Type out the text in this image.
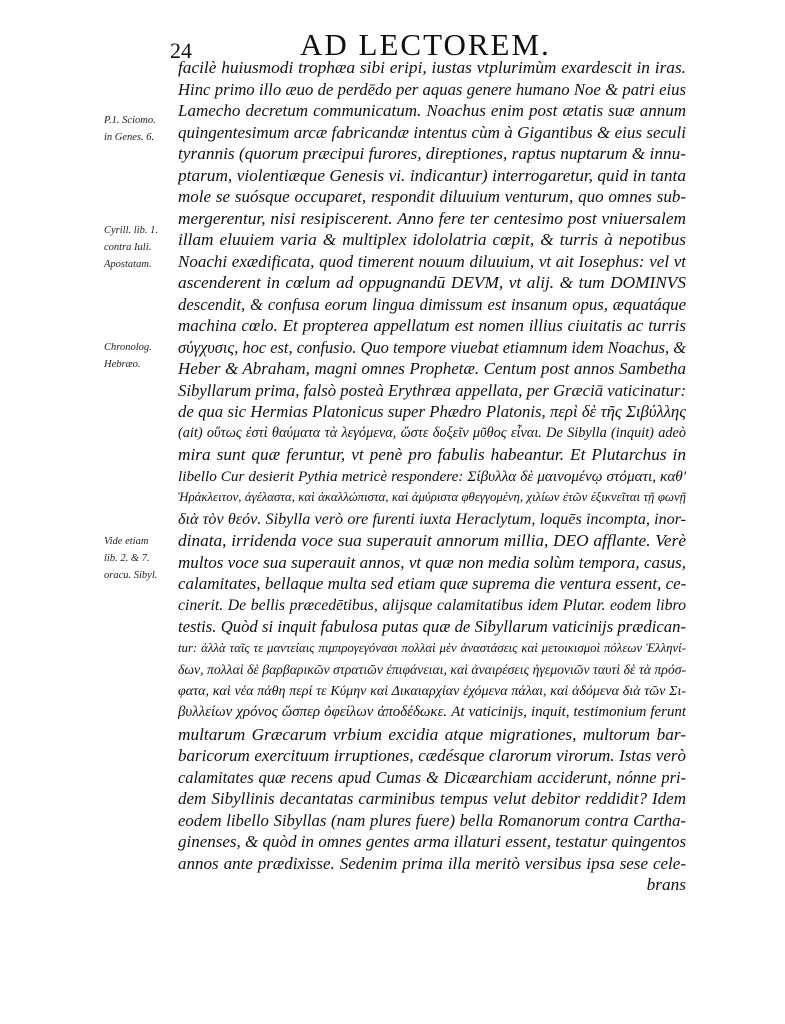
24	AD LECTOREM.
P.1. Sciomo.
in Genes. 6.
Cyrill. lib. 1.
contra Iuli.
Apostatam.
Chronolog.
Hebræo.
Vide etiam
lib. 2. & 7.
oracu. Sibyl.
facilè huiusmodi trophæa sibi eripi, iustas vtplurimùm exardescit in iras.
Hinc primo illo æuo de perdēdo per aquas genere humano Noe & patri eius
Lamecho decretum communicatum. Noachus enim post ætatis suæ annum
quingentesimum arcæ fabricandæ intentus cùm à Gigantibus & eius seculi
tyrannis (quorum præcipui furores, direptiones, raptus nuptarum & innu-
ptarum, violentiæque Genesis vi. indicantur) interrogaretur, quid in tanta
mole se suósque occuparet, respondit diluuium venturum, quo omnes sub-
mergerentur, nisi resipiscerent. Anno fere ter centesimo post vniuersalem
illam eluuiem varia & multiplex idololatria cœpit, & turris à nepotibus
Noachi exædificata, quod timerent nouum diluuium, vt ait Iosephus: vel vt
ascenderent in cœlum ad oppugnandū DEVM, vt alij. & tum DOMINVS
descendit, & confusa eorum lingua dimissum est insanum opus, æquatáque
machina cœlo. Et propterea appellatum est nomen illius ciuitatis ac turris
σύγχυσις, hoc est, confusio. Quo tempore viuebat etiamnum idem Noachus, &
Heber & Abraham, magni omnes Prophetæ. Centum post annos Sambetha
Sibyllarum prima, falsò posteà Erythræa appellata, per Græciā vaticinatur:
de qua sic Hermias Platonicus super Phædro Platonis, περὶ δὲ τῆς Σιβύλλης
(ait) οὕτως ἐστὶ θαύματα τὰ λεγόμενα, ὥστε δοξεῖν μῦθος εἶναι. De Sibylla (inquit) adeò
mira sunt quæ feruntur, vt penè pro fabulis habeantur. Et Plutarchus in
libello Cur desierit Pythia metricè respondere: Σίβυλλα δὲ μαινομένῳ στόματι, καθ'
Ἡράκλειτον, ἀγέλαστα, καὶ ἀκαλλώπιστα, καὶ ἀμύριστα φθεγγομένη, χιλίων ἐτῶν ἐξικνεῖται τῇ φωνῇ
διὰ τὸν θεόν. Sibylla verò ore furenti iuxta Heraclytum, loquēs incompta, inor-
dinata, irridenda voce sua superauit annorum millia, DEO afflante. Verè
multos voce sua superauit annos, vt quæ non media solùm tempora, casus,
calamitates, bellaque multa sed etiam quæ suprema die ventura essent, ce-
cinerit. De bellis præcedētibus, alijsque calamitatibus idem Plutar. eodem libro
testis. Quòd si inquit fabulosa putas quæ de Sibyllarum vaticinijs prædican-
tur: ἀλλὰ ταῖς τε μαντείαις πιμπρογεγόνασι πολλαὶ μὲν ἀναστάσεις καὶ μετοικισμοὶ πόλεων Ἑλληνί-
δων, πολλαὶ δὲ βαρβαρικῶν στρατιῶν ἐπιφάνειαι, καὶ ἀναιρέσεις ἡγεμονιῶν ταυτὶ δὲ τὰ πρόσ-
φατα, καὶ νέα πάθη περί τε Κύμην καὶ Δικαιαρχίαν ἐχόμενα πάλαι, καὶ ἀδόμενα διὰ τῶν Σι-
βυλλείων χρόνος ὥσπερ ὀφείλων ἀποδέδωκε. At vaticinijs, inquit, testimonium ferunt
multarum Græcarum vrbium excidia atque migrationes, multorum bar-
baricorum exercituum irruptiones, cædésque clarorum virorum. Istas verò
calamitates quæ recens apud Cumas & Dicæarchiam acciderunt, nónne pri-
dem Sibyllinis decantatas carminibus tempus velut debitor reddidit? Idem
eodem libello Sibyllas (nam plures fuere) bella Romanorum contra Cartha-
ginenses, & quòd in omnes gentes arma illaturi essent, testatur quingentos
annos ante prædixisse. Sedenim prima illa meritò versibus ipsa sese cele-
brans
